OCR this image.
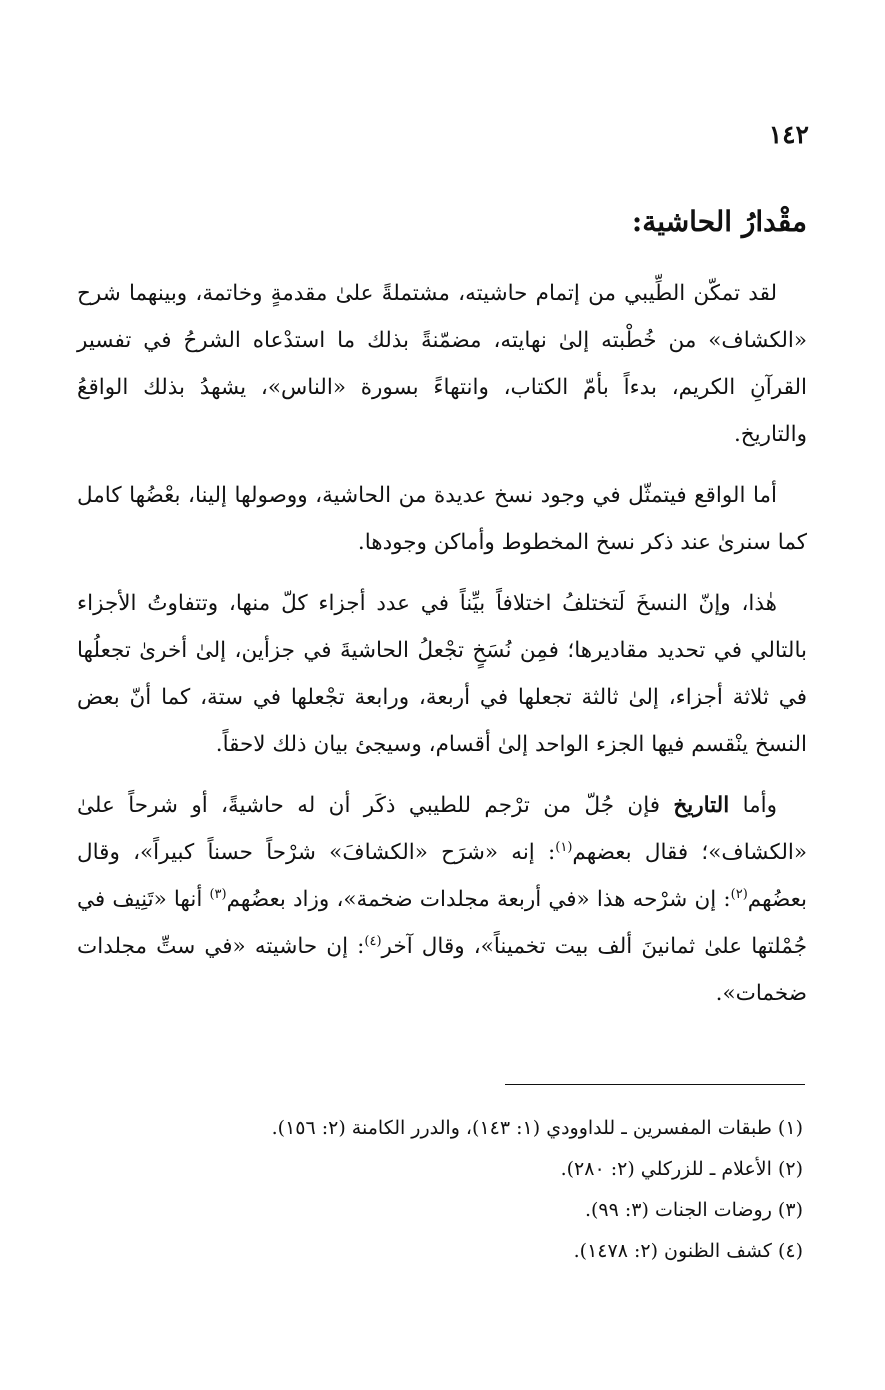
١٤٢
مقْدارُ الحاشية:

لقد تمكّن الطِّيبي من إتمام حاشيته، مشتملةً علىٰ مقدمةٍ وخاتمة، وبينهما شرح «الكشاف» من خُطْبته إلىٰ نهايته، مضمّنةً بذلك ما استدْعاه الشرحُ في تفسير القرآنِ الكريم، بدءاً بأمّ الكتاب، وانتهاءً بسورة «الناس»، يشهدُ بذلك الواقعُ والتاريخ.

أما الواقع فيتمثّل في وجود نسخ عديدة من الحاشية، ووصولها إلينا، بعْضُها كامل كما سنرىٰ عند ذكر نسخ المخطوط وأماكن وجودها.

هٰذا، وإنّ النسخَ لَتختلفُ اختلافاً بيِّناً في عدد أجزاء كلّ منها، وتتفاوتُ الأجزاء بالتالي في تحديد مقاديرها؛ فمِن نُسَخٍ تجْعلُ الحاشيةَ في جزأين، إلىٰ أخرىٰ تجعلُها في ثلاثة أجزاء، إلىٰ ثالثة تجعلها في أربعة، ورابعة تجْعلها في ستة، كما أنّ بعض النسخ ينْقسم فيها الجزء الواحد إلىٰ أقسام، وسيجئ بيان ذلك لاحقاً.

وأما التاريخ فإن جُلّ من ترْجم للطيبي ذكَر أن له حاشيةً، أو شرحاً علىٰ «الكشاف»؛ فقال بعضهم$^{(١)}$: إنه «شرَح «الكشافَ» شرْحاً حسناً كبيراً»، وقال بعضُهم$^{(٢)}$: إن شرْحه هذا «في أربعة مجلدات ضخمة»، وزاد بعضُهم$^{(٣)}$ أنها «تَنِيف في جُمْلتها علىٰ ثمانينَ ألف بيت تخميناً»، وقال آخر$^{(٤)}$: إن حاشيته «في ستِّ مجلدات ضخمات».

(١) طبقات المفسرين ـ للداوودي (١: ١٤٣)، والدرر الكامنة (٢: ١٥٦).
(٢) الأعلام ـ للزركلي (٢: ٢٨٠).
(٣) روضات الجنات (٣: ٩٩).
(٤) كشف الظنون (٢: ١٤٧٨).
